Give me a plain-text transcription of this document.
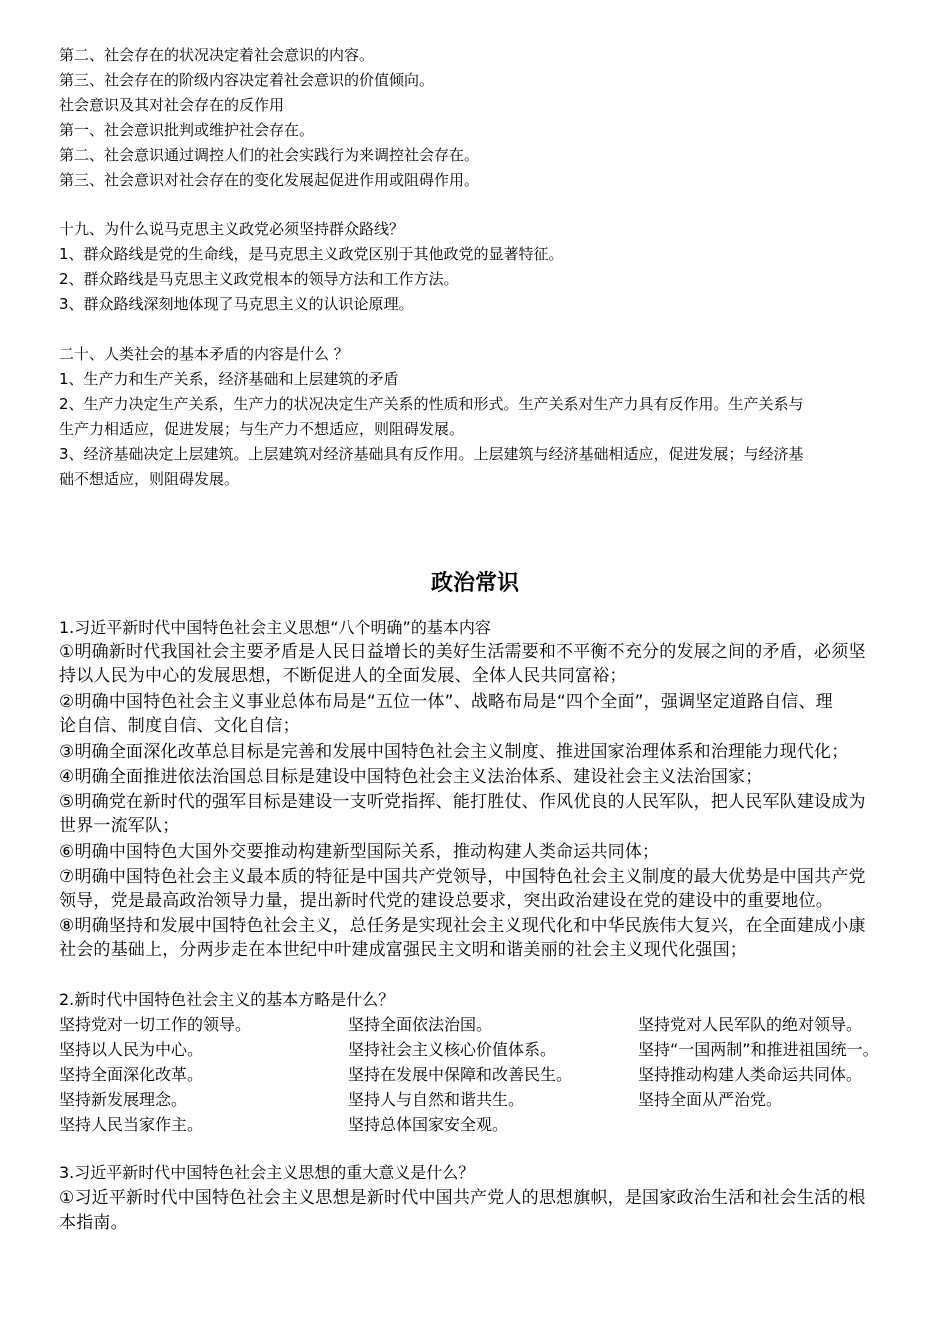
第二、社会存在的状况决定着社会意识的内容。
第三、社会存在的阶级内容决定着社会意识的价值倾向。
社会意识及其对社会存在的反作用
第一、社会意识批判或维护社会存在。
第二、社会意识通过调控人们的社会实践行为来调控社会存在。
第三、社会意识对社会存在的变化发展起促进作用或阻碍作用。
十九、为什么说马克思主义政党必须坚持群众路线？
1、群众路线是党的生命线，是马克思主义政党区别于其他政党的显著特征。
2、群众路线是马克思主义政党根本的领导方法和工作方法。
3、群众路线深刻地体现了马克思主义的认识论原理。
二十、人类社会的基本矛盾的内容是什么 ？
1、生产力和生产关系，经济基础和上层建筑的矛盾
2、生产力决定生产关系，生产力的状况决定生产关系的性质和形式。生产关系对生产力具有反作用。生产关系与
生产力相适应，促进发展；与生产力不想适应，则阻碍发展。
3、经济基础决定上层建筑。上层建筑对经济基础具有反作用。上层建筑与经济基础相适应，促进发展；与经济基
础不想适应，则阻碍发展。
政治常识
1.习近平新时代中国特色社会主义思想“八个明确”的基本内容
①明确新时代我国社会主要矛盾是人民日益增长的美好生活需要和不平衡不充分的发展之间的矛盾，必须坚
持以人民为中心的发展思想，不断促进人的全面发展、全体人民共同富裕；
②明确中国特色社会主义事业总体布局是“五位一体”、战略布局是“四个全面”，强调坚定道路自信、理
论自信、制度自信、文化自信；
③明确全面深化改革总目标是完善和发展中国特色社会主义制度、推进国家治理体系和治理能力现代化；
④明确全面推进依法治国总目标是建设中国特色社会主义法治体系、建设社会主义法治国家；
⑤明确党在新时代的强军目标是建设一支听党指挥、能打胜仗、作风优良的人民军队，把人民军队建设成为
世界一流军队；
⑥明确中国特色大国外交要推动构建新型国际关系，推动构建人类命运共同体；
⑦明确中国特色社会主义最本质的特征是中国共产党领导，中国特色社会主义制度的最大优势是中国共产党
领导，党是最高政治领导力量，提出新时代党的建设总要求，突出政治建设在党的建设中的重要地位。
⑧明确坚持和发展中国特色社会主义，总任务是实现社会主义现代化和中华民族伟大复兴，在全面建成小康
社会的基础上，分两步走在本世纪中叶建成富强民主文明和谐美丽的社会主义现代化强国；
2.新时代中国特色社会主义的基本方略是什么？
坚持党对一切工作的领导。
坚持以人民为中心。
坚持全面深化改革。
坚持新发展理念。
坚持人民当家作主。
坚持全面依法治国。
坚持社会主义核心价值体系。
坚持在发展中保障和改善民生。
坚持人与自然和谐共生。
坚持总体国家安全观。
坚持党对人民军队的绝对领导。
坚持“一国两制”和推进祖国统一。
坚持推动构建人类命运共同体。
坚持全面从严治党。
3.习近平新时代中国特色社会主义思想的重大意义是什么？
①习近平新时代中国特色社会主义思想是新时代中国共产党人的思想旗帜，是国家政治生活和社会生活的根
本指南。
